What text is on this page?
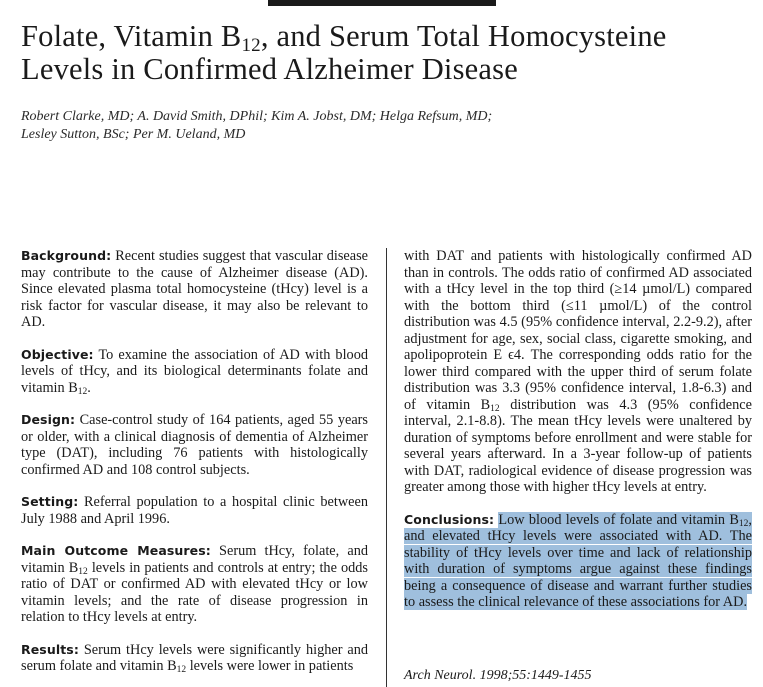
Folate, Vitamin $B_{12}$, and Serum Total Homocysteine
Levels in Confirmed Alzheimer Disease
Robert Clarke, MD; A. David Smith, DPhil; Kim A. Jobst, DM; Helga Refsum, MD;
Lesley Sutton, BSc; Per M. Ueland, MD

Background: Recent studies suggest that vascular disease may contribute to the cause of Alzheimer disease (AD). Since elevated plasma total homocysteine (tHcy) level is a risk factor for vascular disease, it may also be relevant to AD.

Objective: To examine the association of AD with blood levels of tHcy, and its biological determinants folate and vitamin $B_{12}$.

Design: Case-control study of 164 patients, aged 55 years or older, with a clinical diagnosis of dementia of Alzheimer type (DAT), including 76 patients with histologically confirmed AD and 108 control subjects.

Setting: Referral population to a hospital clinic between July 1988 and April 1996.

Main Outcome Measures: Serum tHcy, folate, and vitamin $B_{12}$ levels in patients and controls at entry; the odds ratio of DAT or confirmed AD with elevated tHcy or low vitamin levels; and the rate of disease progression in relation to tHcy levels at entry.

Results: Serum tHcy levels were significantly higher and serum folate and vitamin $B_{12}$ levels were lower in patients

with DAT and patients with histologically confirmed AD than in controls. The odds ratio of confirmed AD associated with a tHcy level in the top third (≥14 µmol/L) compared with the bottom third (≤11 µmol/L) of the control distribution was 4.5 (95% confidence interval, 2.2-9.2), after adjustment for age, sex, social class, cigarette smoking, and apolipoprotein E ϵ4. The corresponding odds ratio for the lower third compared with the upper third of serum folate distribution was 3.3 (95% confidence interval, 1.8-6.3) and of vitamin $B_{12}$ distribution was 4.3 (95% confidence interval, 2.1-8.8). The mean tHcy levels were unaltered by duration of symptoms before enrollment and were stable for several years afterward. In a 3-year follow-up of patients with DAT, radiological evidence of disease progression was greater among those with higher tHcy levels at entry.

Conclusions: Low blood levels of folate and vitamin $B_{12}$, and elevated tHcy levels were associated with AD. The stability of tHcy levels over time and lack of relationship with duration of symptoms argue against these findings being a consequence of disease and warrant further studies to assess the clinical relevance of these associations for AD.

Arch Neurol. 1998;55:1449-1455
